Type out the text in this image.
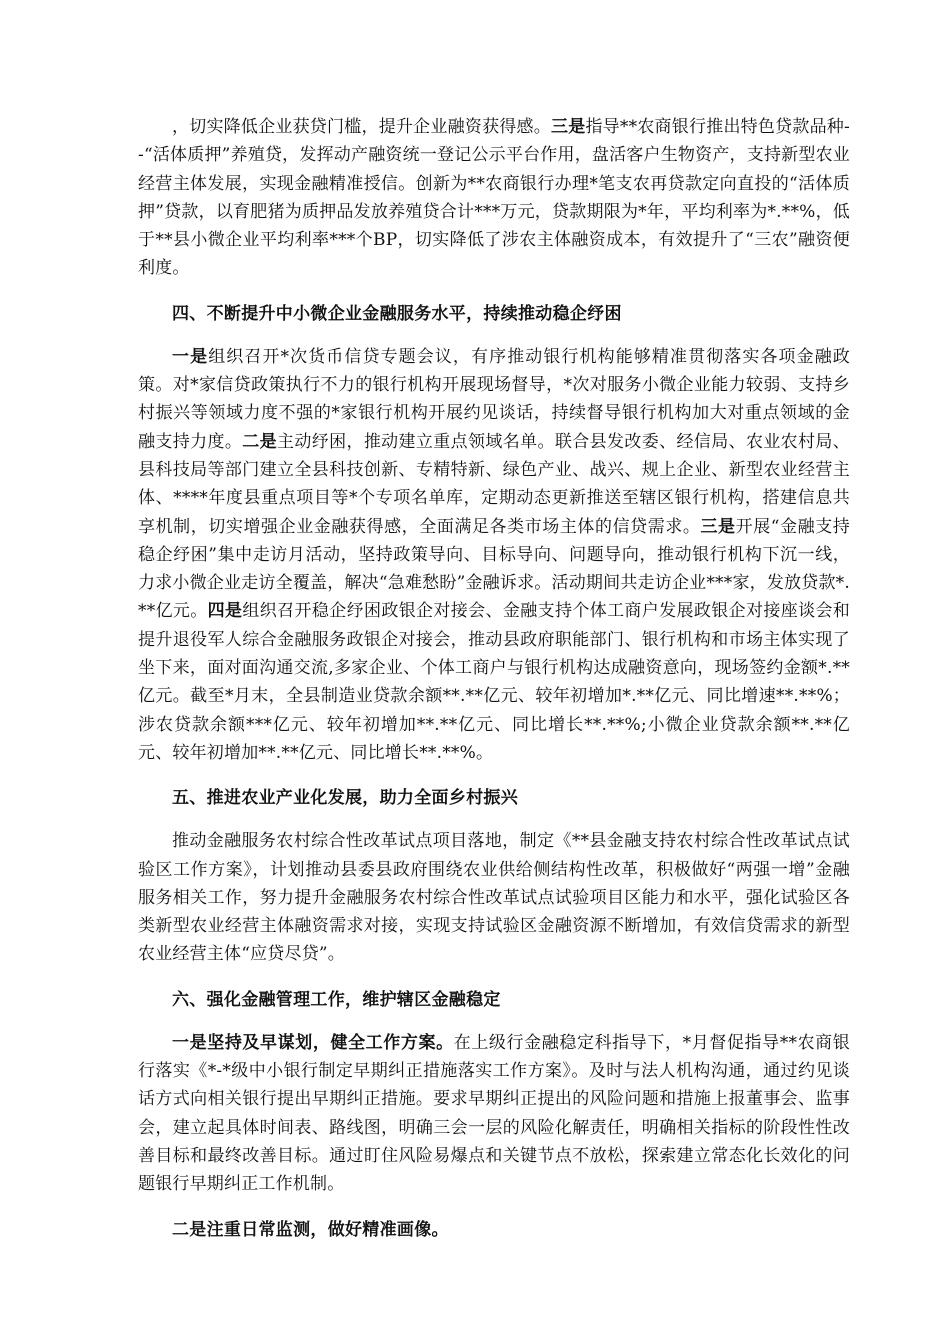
，切实降低企业获贷门槛，提升企业融资获得感。三是指导**农商银行推出特色贷款品种--“活体质押”养殖贷，发挥动产融资统一登记公示平台作用，盘活客户生物资产，支持新型农业经营主体发展，实现金融精准授信。创新为**农商银行办理*笔支农再贷款定向直投的“活体质押”贷款，以育肥猪为质押品发放养殖贷合计***万元，贷款期限为*年，平均利率为*.**%，低于**县小微企业平均利率***个BP，切实降低了涉农主体融资成本，有效提升了“三农”融资便利度。

四、不断提升中小微企业金融服务水平，持续推动稳企纾困

一是组织召开*次货币信贷专题会议，有序推动银行机构能够精准贯彻落实各项金融政策。对*家信贷政策执行不力的银行机构开展现场督导，*次对服务小微企业能力较弱、支持乡村振兴等领域力度不强的*家银行机构开展约见谈话，持续督导银行机构加大对重点领域的金融支持力度。二是主动纾困，推动建立重点领域名单。联合县发改委、经信局、农业农村局、县科技局等部门建立全县科技创新、专精特新、绿色产业、战兴、规上企业、新型农业经营主体、****年度县重点项目等*个专项名单库，定期动态更新推送至辖区银行机构，搭建信息共享机制，切实增强企业金融获得感，全面满足各类市场主体的信贷需求。三是开展“金融支持稳企纾困”集中走访月活动，坚持政策导向、目标导向、问题导向，推动银行机构下沉一线，力求小微企业走访全覆盖，解决“急难愁盼”金融诉求。活动期间共走访企业***家，发放贷款*.**亿元。四是组织召开稳企纾困政银企对接会、金融支持个体工商户发展政银企对接座谈会和提升退役军人综合金融服务政银企对接会，推动县政府职能部门、银行机构和市场主体实现了坐下来，面对面沟通交流,多家企业、个体工商户与银行机构达成融资意向，现场签约金额*.**亿元。截至*月末，全县制造业贷款余额**.**亿元、较年初增加*.**亿元、同比增速**.**%；涉农贷款余额***亿元、较年初增加**.**亿元、同比增长**.**%;小微企业贷款余额**.**亿元、较年初增加**.**亿元、同比增长**.**%。

五、推进农业产业化发展，助力全面乡村振兴

推动金融服务农村综合性改革试点项目落地，制定《**县金融支持农村综合性改革试点试验区工作方案》，计划推动县委县政府围绕农业供给侧结构性改革，积极做好“两强一增”金融服务相关工作，努力提升金融服务农村综合性改革试点试验项目区能力和水平，强化试验区各类新型农业经营主体融资需求对接，实现支持试验区金融资源不断增加，有效信贷需求的新型农业经营主体“应贷尽贷”。

六、强化金融管理工作，维护辖区金融稳定

一是坚持及早谋划，健全工作方案。在上级行金融稳定科指导下，*月督促指导**农商银行落实《*-*级中小银行制定早期纠正措施落实工作方案》。及时与法人机构沟通，通过约见谈话方式向相关银行提出早期纠正措施。要求早期纠正提出的风险问题和措施上报董事会、监事会，建立起具体时间表、路线图，明确三会一层的风险化解责任，明确相关指标的阶段性性改善目标和最终改善目标。通过盯住风险易爆点和关键节点不放松，探索建立常态化长效化的问题银行早期纠正工作机制。

二是注重日常监测，做好精准画像。
